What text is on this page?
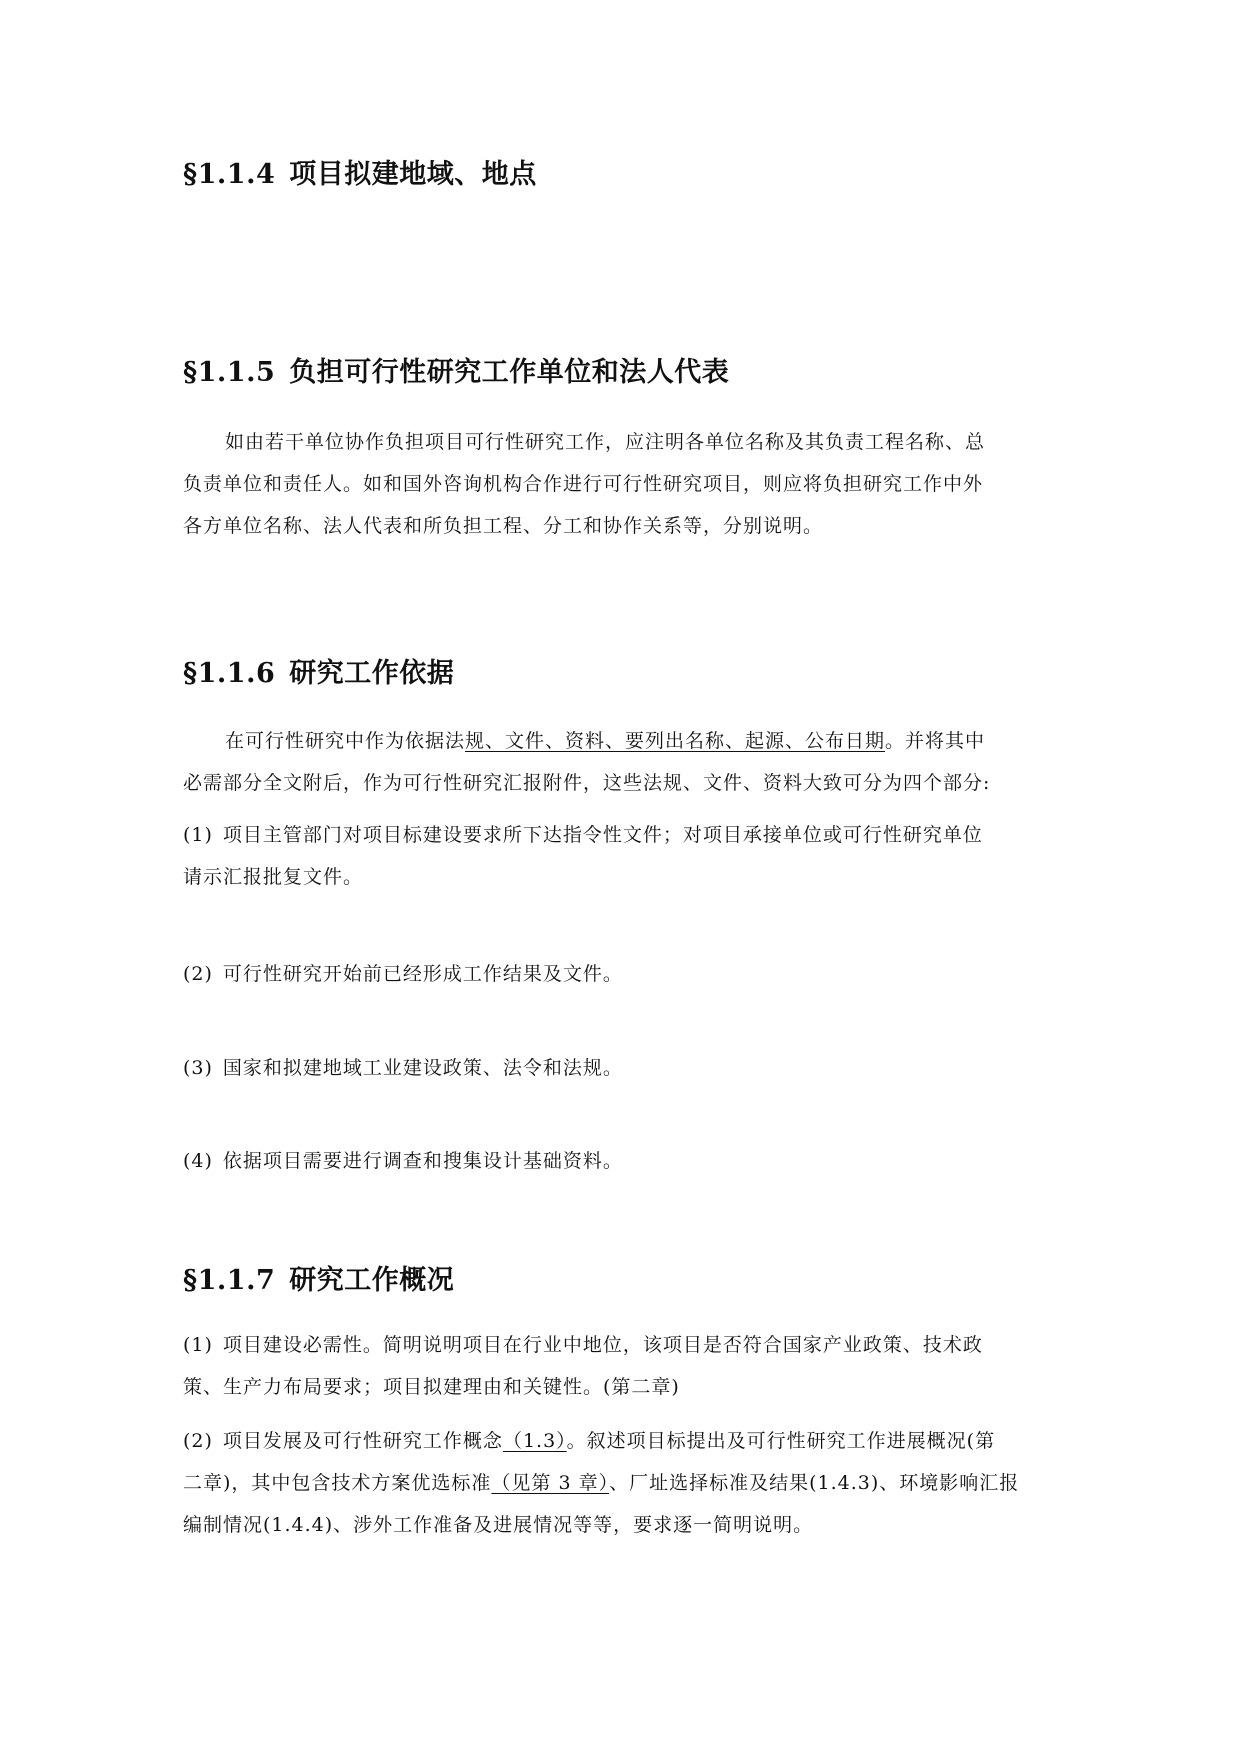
§1.1.4 项目拟建地域、地点
§1.1.5 负担可行性研究工作单位和法人代表
如由若干单位协作负担项目可行性研究工作，应注明各单位名称及其负责工程名称、总
负责单位和责任人。如和国外咨询机构合作进行可行性研究项目，则应将负担研究工作中外
各方单位名称、法人代表和所负担工程、分工和协作关系等，分别说明。
§1.1.6 研究工作依据
在可行性研究中作为依据法规、文件、资料、要列出名称、起源、公布日期。并将其中
必需部分全文附后，作为可行性研究汇报附件，这些法规、文件、资料大致可分为四个部分:
(1) 项目主管部门对项目标建设要求所下达指令性文件；对项目承接单位或可行性研究单位
请示汇报批复文件。
(2) 可行性研究开始前已经形成工作结果及文件。
(3) 国家和拟建地域工业建设政策、法令和法规。
(4) 依据项目需要进行调查和搜集设计基础资料。
§1.1.7 研究工作概况
(1) 项目建设必需性。简明说明项目在行业中地位，该项目是否符合国家产业政策、技术政
策、生产力布局要求；项目拟建理由和关键性。(第二章)
(2) 项目发展及可行性研究工作概念（1.3）。叙述项目标提出及可行性研究工作进展概况(第
二章)，其中包含技术方案优选标准（见第 3 章）、厂址选择标准及结果(1.4.3)、环境影响汇报
编制情况(1.4.4)、涉外工作准备及进展情况等等，要求逐一简明说明。
